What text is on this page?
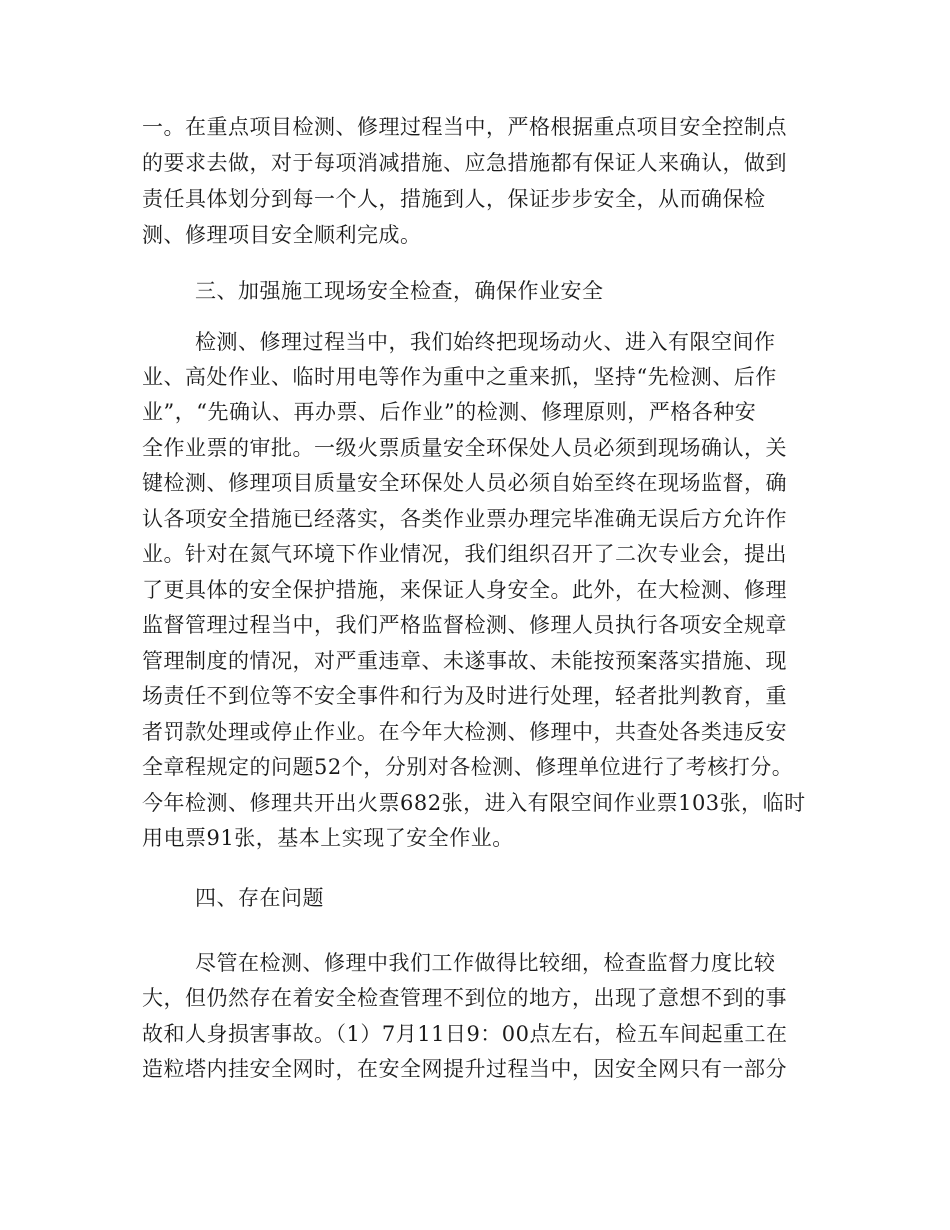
一。在重点项目检测、修理过程当中，严格根据重点项目安全控制点

的要求去做，对于每项消减措施、应急措施都有保证人来确认，做到

责任具体划分到每一个人，措施到人，保证步步安全，从而确保检

测、修理项目安全顺利完成。

三、加强施工现场安全检查，确保作业安全

检测、修理过程当中，我们始终把现场动火、进入有限空间作

业、高处作业、临时用电等作为重中之重来抓，坚持“先检测、后作

业”，“先确认、再办票、后作业”的检测、修理原则，严格各种安

全作业票的审批。一级火票质量安全环保处人员必须到现场确认，关

键检测、修理项目质量安全环保处人员必须自始至终在现场监督，确

认各项安全措施已经落实，各类作业票办理完毕准确无误后方允许作

业。针对在氮气环境下作业情况，我们组织召开了二次专业会，提出

了更具体的安全保护措施，来保证人身安全。此外，在大检测、修理

监督管理过程当中，我们严格监督检测、修理人员执行各项安全规章

管理制度的情况，对严重违章、未遂事故、未能按预案落实措施、现

场责任不到位等不安全事件和行为及时进行处理，轻者批判教育，重

者罚款处理或停止作业。在今年大检测、修理中，共查处各类违反安

全章程规定的问题52个，分别对各检测、修理单位进行了考核打分。

今年检测、修理共开出火票682张，进入有限空间作业票103张，临时

用电票91张，基本上实现了安全作业。

四、存在问题

尽管在检测、修理中我们工作做得比较细，检查监督力度比较

大，但仍然存在着安全检查管理不到位的地方，出现了意想不到的事

故和人身损害事故。（1）7月11日9：00点左右，检五车间起重工在

造粒塔内挂安全网时，在安全网提升过程当中，因安全网只有一部分
